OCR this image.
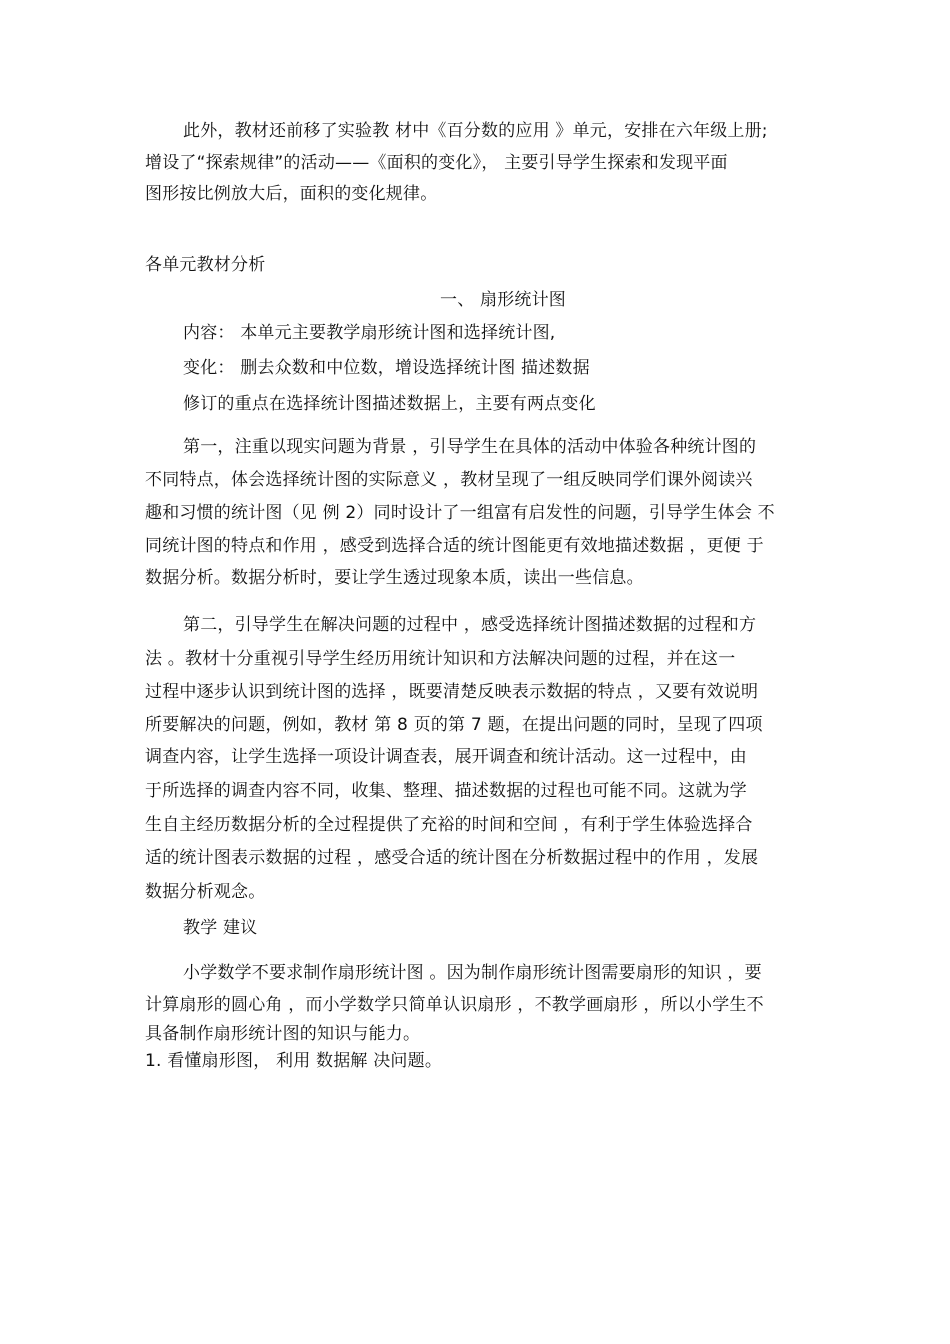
此外，教材还前移了实验教 材中《百分数的应用 》单元，安排在六年级上册;
增设了“探索规律”的活动——《面积的变化》， 主要引导学生探索和发现平面
图形按比例放大后，面积的变化规律。
各单元教材分析
一、 扇形统计图
内容： 本单元主要教学扇形统计图和选择统计图,
变化： 删去众数和中位数，增设选择统计图 描述数据
修订的重点在选择统计图描述数据上，主要有两点变化
第一，注重以现实问题为背景 ，引导学生在具体的活动中体验各种统计图的
不同特点，体会选择统计图的实际意义 ，教材呈现了一组反映同学们课外阅读兴
趣和习惯的统计图（见 例 2）同时设计了一组富有启发性的问题，引导学生体会 不
同统计图的特点和作用 ，感受到选择合适的统计图能更有效地描述数据 ，更便 于
数据分析。数据分析时，要让学生透过现象本质，读出一些信息。
第二，引导学生在解决问题的过程中 ，感受选择统计图描述数据的过程和方
法 。教材十分重视引导学生经历用统计知识和方法解决问题的过程，并在这一
过程中逐步认识到统计图的选择 ，既要清楚反映表示数据的特点 ，又要有效说明
所要解决的问题，例如，教材 第 8 页的第 7 题，在提出问题的同时，呈现了四项
调查内容，让学生选择一项设计调查表，展开调查和统计活动。这一过程中，由
于所选择的调查内容不同，收集、整理、描述数据的过程也可能不同。这就为学
生自主经历数据分析的全过程提供了充裕的时间和空间 ，有利于学生体验选择合
适的统计图表示数据的过程 ，感受合适的统计图在分析数据过程中的作用 ，发展
数据分析观念。
教学 建议
小学数学不要求制作扇形统计图 。因为制作扇形统计图需要扇形的知识 ，要
计算扇形的圆心角 ，而小学数学只简单认识扇形 ，不教学画扇形 ，所以小学生不
具备制作扇形统计图的知识与能力。
1. 看懂扇形图， 利用 数据解 决问题。
